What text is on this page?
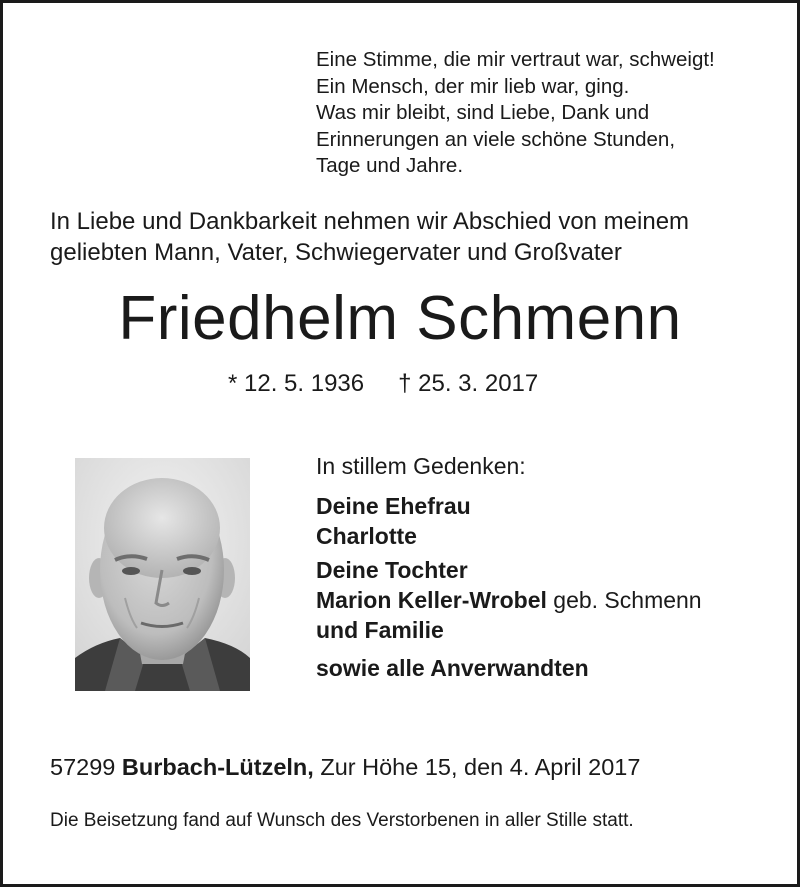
Eine Stimme, die mir vertraut war, schweigt!
Ein Mensch, der mir lieb war, ging.
Was mir bleibt, sind Liebe, Dank und
Erinnerungen an viele schöne Stunden,
Tage und Jahre.
In Liebe und Dankbarkeit nehmen wir Abschied von meinem
geliebten Mann, Vater, Schwiegervater und Großvater
Friedhelm Schmenn
* 12. 5. 1936 † 25. 3. 2017
In stillem Gedenken:
Deine Ehefrau
Charlotte
Deine Tochter
Marion Keller-Wrobel geb. Schmenn
und Familie
sowie alle Anverwandten
57299 Burbach-Lützeln, Zur Höhe 15, den 4. April 2017
Die Beisetzung fand auf Wunsch des Verstorbenen in aller Stille statt.
